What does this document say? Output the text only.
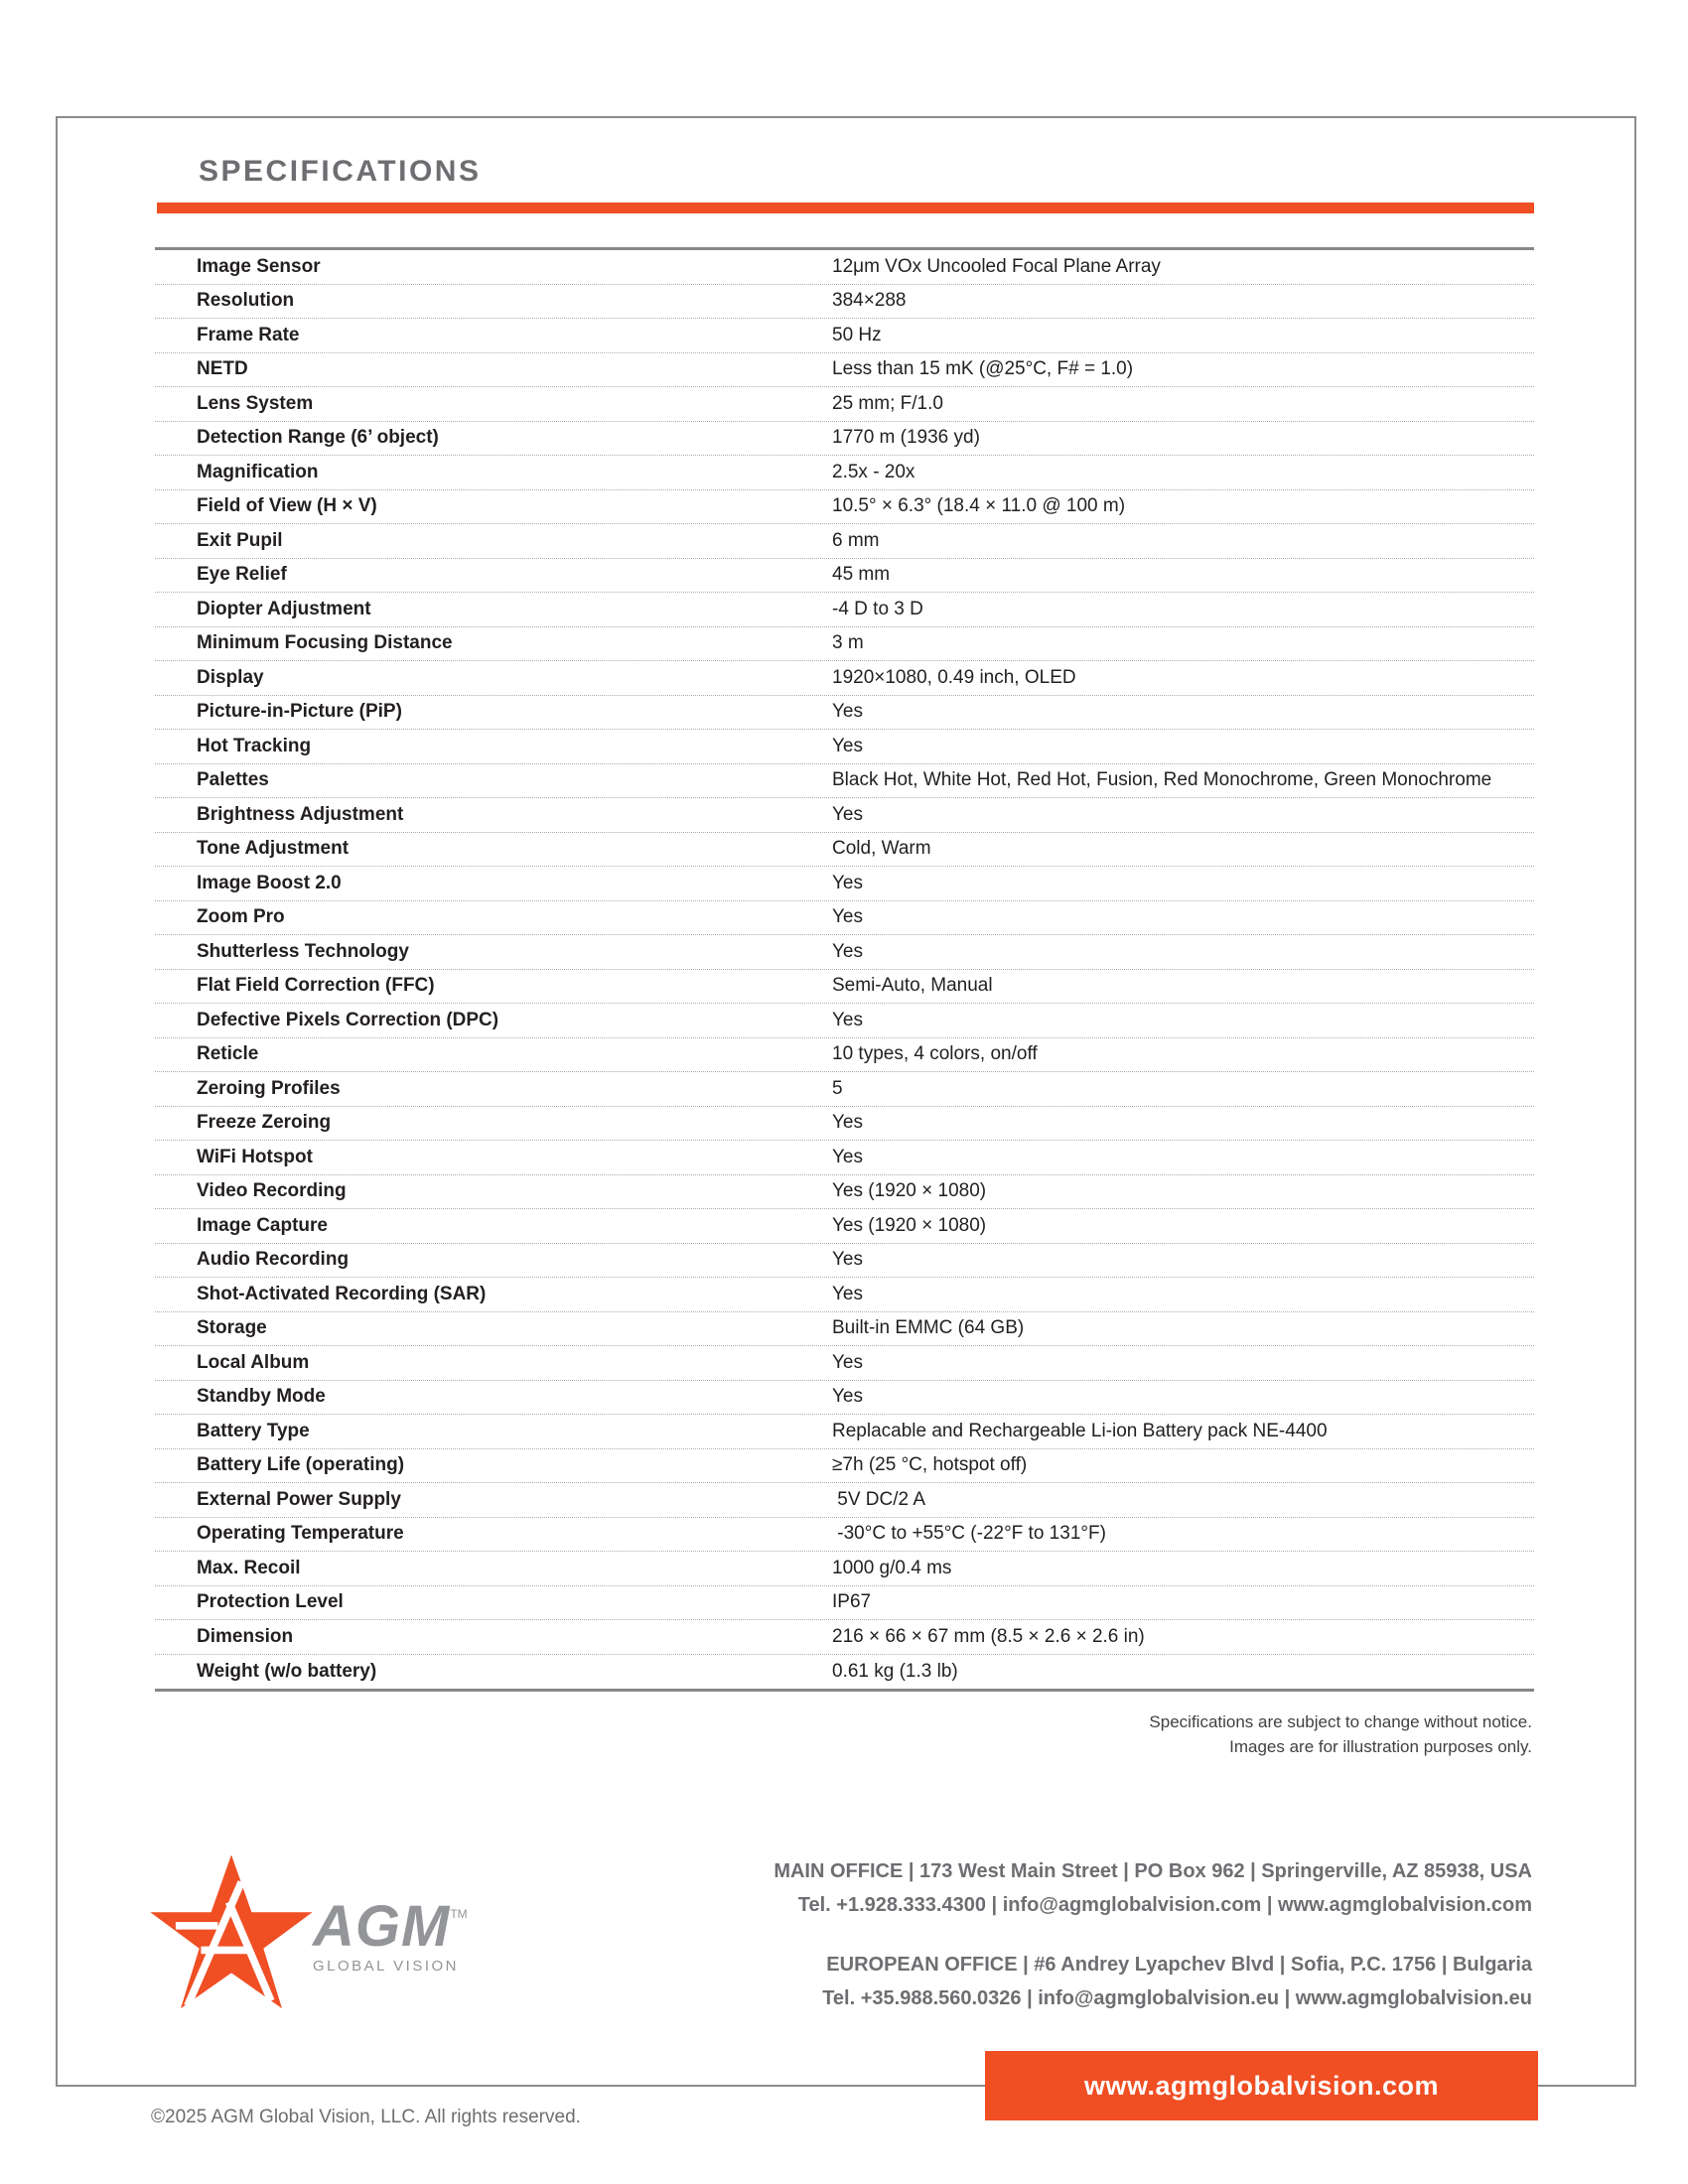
SPECIFICATIONS
Image Sensor	12μm VOx Uncooled Focal Plane Array
Resolution	384×288
Frame Rate	50 Hz
NETD	Less than 15 mK (@25°C, F# = 1.0)
Lens System	25 mm; F/1.0
Detection Range (6’ object)	1770 m (1936 yd)
Magnification	2.5x - 20x
Field of View (H × V)	10.5° × 6.3° (18.4 × 11.0 @ 100 m)
Exit Pupil	6 mm
Eye Relief	45 mm
Diopter Adjustment	-4 D to 3 D
Minimum Focusing Distance	3 m
Display	1920×1080, 0.49 inch, OLED
Picture-in-Picture (PiP)	Yes
Hot Tracking	Yes
Palettes	Black Hot, White Hot, Red Hot, Fusion, Red Monochrome, Green Monochrome
Brightness Adjustment	Yes
Tone Adjustment	Cold, Warm
Image Boost 2.0	Yes
Zoom Pro	Yes
Shutterless Technology	Yes
Flat Field Correction (FFC)	Semi-Auto, Manual
Defective Pixels Correction (DPC)	Yes
Reticle	10 types, 4 colors, on/off
Zeroing Profiles	5
Freeze Zeroing	Yes
WiFi Hotspot	Yes
Video Recording	Yes (1920 × 1080)
Image Capture	Yes (1920 × 1080)
Audio Recording	Yes
Shot-Activated Recording (SAR)	Yes
Storage	Built-in EMMC (64 GB)
Local Album	Yes
Standby Mode	Yes
Battery Type	Replacable and Rechargeable Li-ion Battery pack NE-4400
Battery Life (operating)	≥7h (25 °C, hotspot off)
External Power Supply	5V DC/2 A
Operating Temperature	-30°C to +55°C (-22°F to 131°F)
Max. Recoil	1000 g/0.4 ms
Protection Level	IP67
Dimension	216 × 66 × 67 mm (8.5 × 2.6 × 2.6 in)
Weight (w/o battery)	0.61 kg (1.3 lb)
Specifications are subject to change without notice.
Images are for illustration purposes only.
AGM™
GLOBAL VISION
MAIN OFFICE | 173 West Main Street | PO Box 962 | Springerville, AZ 85938, USA
Tel. +1.928.333.4300 | info@agmglobalvision.com | www.agmglobalvision.com
EUROPEAN OFFICE | #6 Andrey Lyapchev Blvd | Sofia, P.C. 1756 | Bulgaria
Tel. +35.988.560.0326 | info@agmglobalvision.eu | www.agmglobalvision.eu
www.agmglobalvision.com
©2025 AGM Global Vision, LLC. All rights reserved.
